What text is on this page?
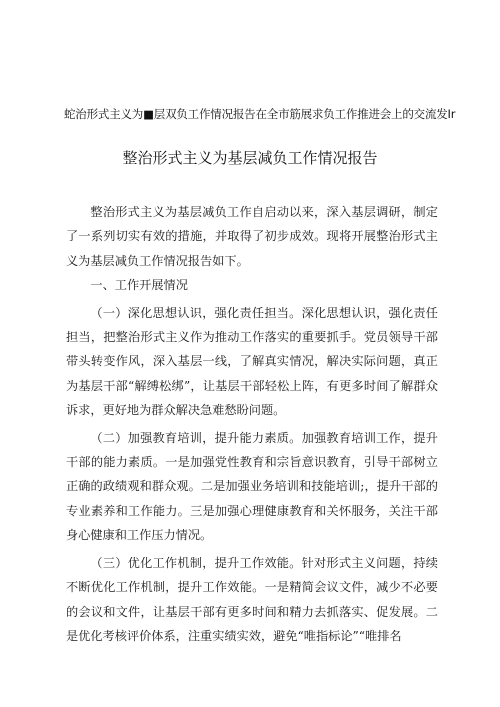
蛇治形式主义为■层双负工作情况报告在全市筋展求负工作推进会上的交流发Ir
整治形式主义为基层减负工作情况报告

整治形式主义为基层减负工作自启动以来，深入基层调研，制定了一系列切实有效的措施，并取得了初步成效。现将开展整治形式主义为基层减负工作情况报告如下。

一、工作开展情况

（一）深化思想认识，强化责任担当。深化思想认识，强化责任担当，把整治形式主义作为推动工作落实的重要抓手。党员领导干部带头转变作风，深入基层一线，了解真实情况，解决实际问题，真正为基层干部“解缚松绑”，让基层干部轻松上阵，有更多时间了解群众诉求，更好地为群众解决急难愁盼问题。

（二）加强教育培训，提升能力素质。加强教育培训工作，提升干部的能力素质。一是加强党性教育和宗旨意识教育，引导干部树立正确的政绩观和群众观。二是加强业务培训和技能培训;，提升干部的专业素养和工作能力。三是加强心理健康教育和关怀服务，关注干部身心健康和工作压力情况。

（三）优化工作机制，提升工作效能。针对形式主义问题，持续不断优化工作机制，提升工作效能。一是精简会议文件，减少不必要的会议和文件，让基层干部有更多时间和精力去抓落实、促发展。二是优化考核评价体系，注重实绩实效，避免“唯指标论”“唯排名
